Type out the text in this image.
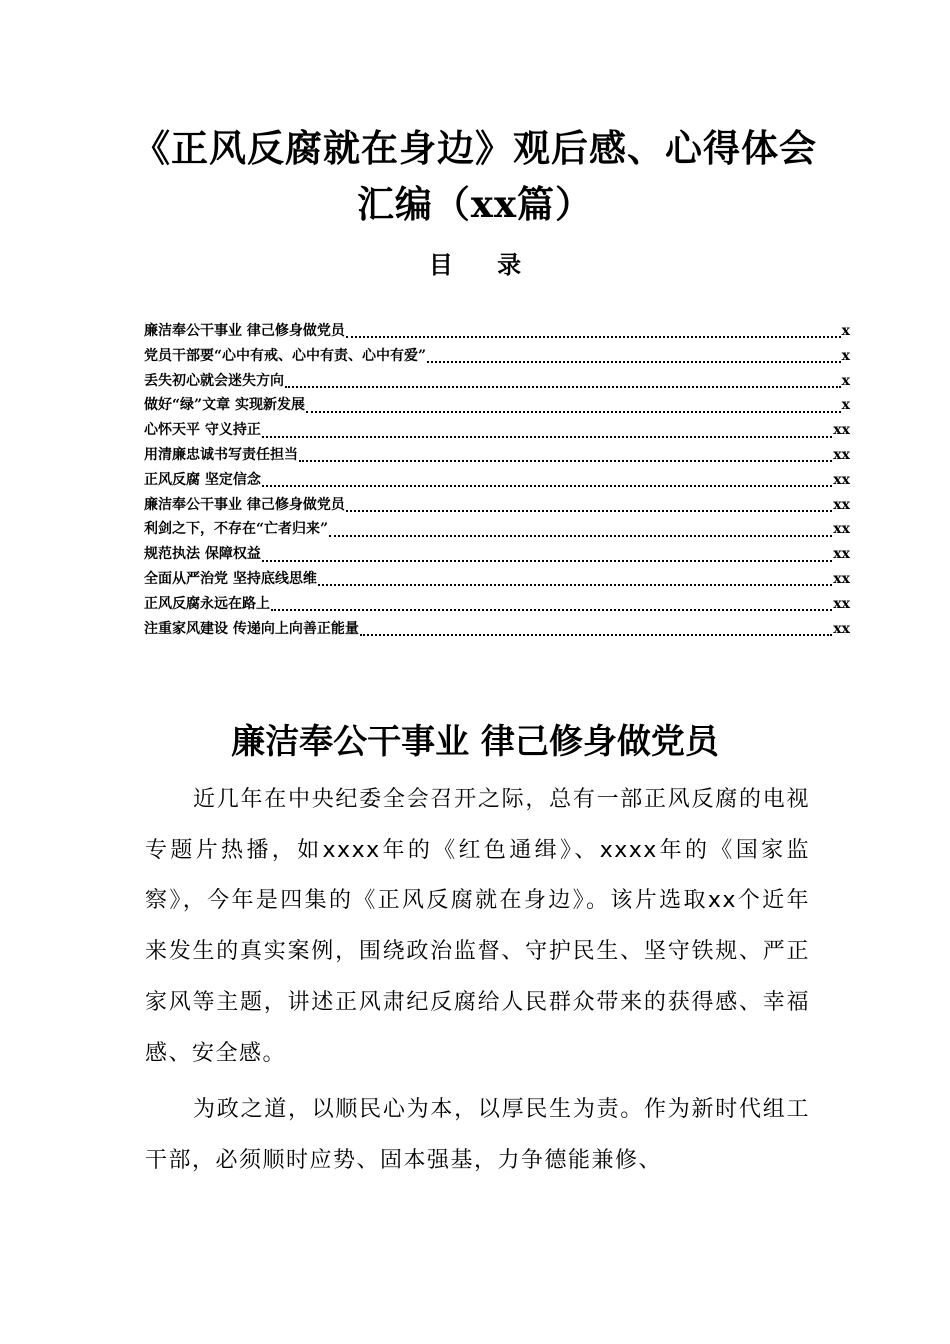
《正风反腐就在身边》观后感、心得体会
汇编（xx篇）
目 录
廉洁奉公干事业 律己修身做党员	x
党员干部要“心中有戒、心中有责、心中有爱”	x
丢失初心就会迷失方向	x
做好“绿”文章 实现新发展	x
心怀天平 守义持正	xx
用清廉忠诚书写责任担当	xx
正风反腐 坚定信念	xx
廉洁奉公干事业 律己修身做党员	xx
利剑之下，不存在“亡者归来”	xx
规范执法 保障权益	xx
全面从严治党 坚持底线思维	xx
正风反腐永远在路上	xx
注重家风建设 传递向上向善正能量	xx
廉洁奉公干事业 律己修身做党员

近几年在中央纪委全会召开之际，总有一部正风反腐的电视专题片热播，如xxxx年的《红色通缉》、xxxx年的《国家监察》，今年是四集的《正风反腐就在身边》。该片选取xx个近年来发生的真实案例，围绕政治监督、守护民生、坚守铁规、严正家风等主题，讲述正风肃纪反腐给人民群众带来的获得感、幸福感、安全感。

为政之道，以顺民心为本，以厚民生为责。作为新时代组工干部，必须顺时应势、固本强基，力争德能兼修、
